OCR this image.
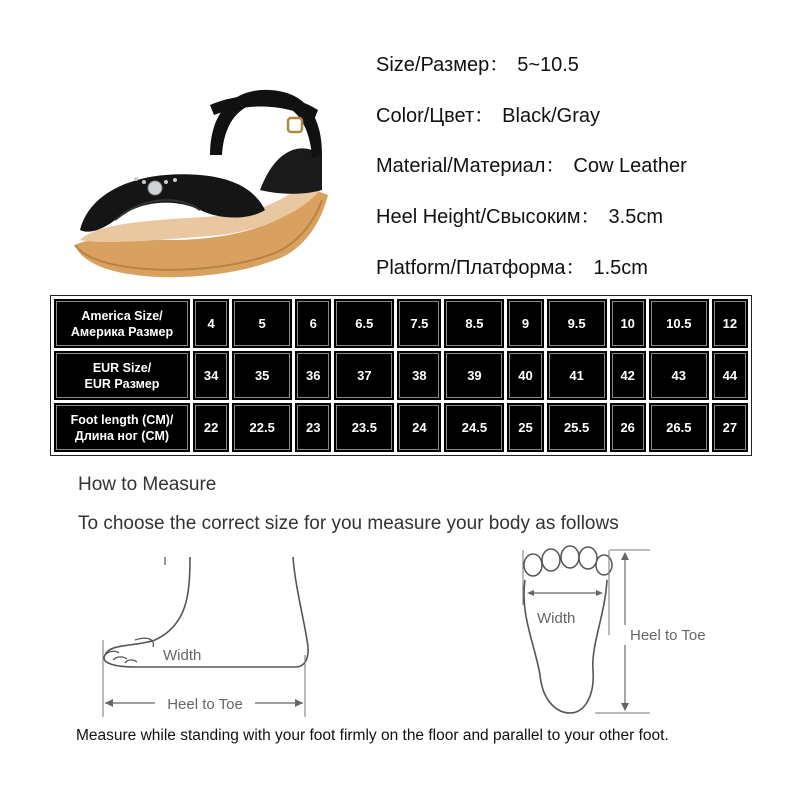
Size/Размер： 5~10.5
Color/Цвет： Black/Gray
Material/Материал： Cow Leather
Heel Height/Свысоким： 3.5cm
Platform/Платформа： 1.5cm
America Size/
Америка Размер	4	5	6	6.5	7.5	8.5	9	9.5	10	10.5	12
EUR Size/
EUR Размер	34	35	36	37	38	39	40	41	42	43	44
Foot length (CM)/
Длина ног (CM)	22	22.5	23	23.5	24	24.5	25	25.5	26	26.5	27
How to Measure
To choose the correct size for you measure your body as follows
Heel to Toe
Width
Width
Heel to Toe
Measure while standing with your foot firmly on the floor and parallel to your other foot.
